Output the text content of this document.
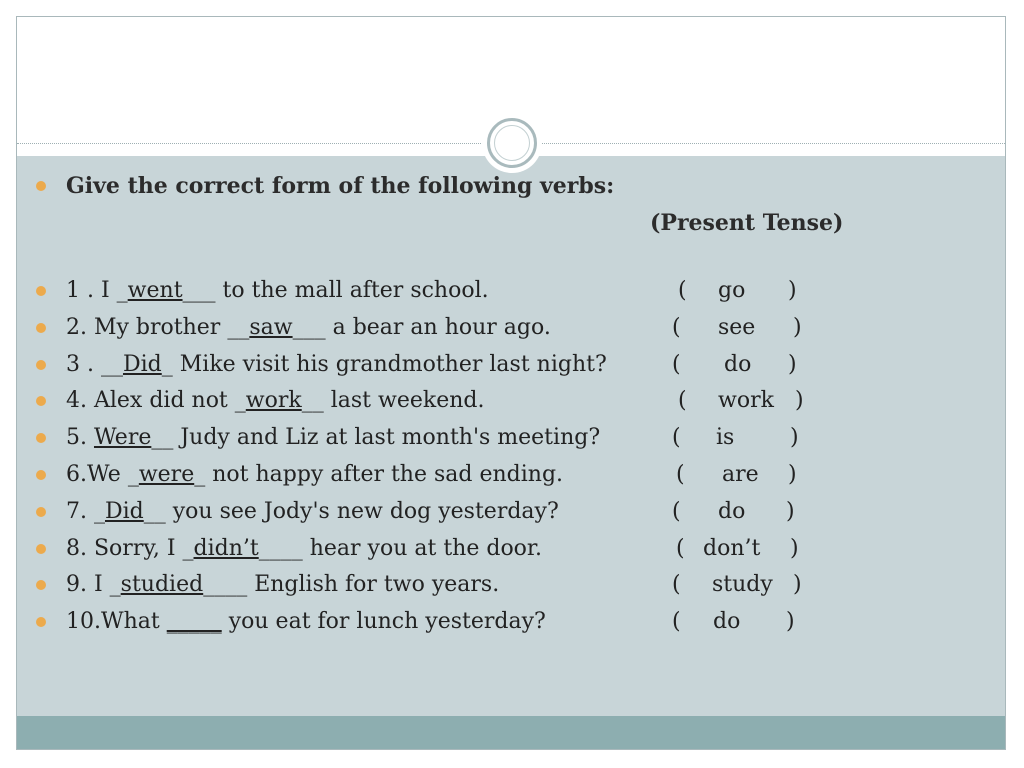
Give the correct form of the following verbs:
(Present Tense)
1 . I _went___ to the mall after school.	( go )
2. My brother __saw___ a bear an hour ago.	( see )
3 . __Did_ Mike visit his grandmother last night?	( do )
4. Alex did not _work__ last weekend.	( work )
5. Were__ Judy and Liz at last month's meeting?	( is	)
6.We _were_ not happy after the sad ending.	( are )
7. _Did__ you see Jody's new dog yesterday?	( do )
8. Sorry, I _didn’t____ hear you at the door.	( don’t )
9. I _studied____ English for two years.	( study )
10.What _____ you eat for lunch yesterday?	( do )
